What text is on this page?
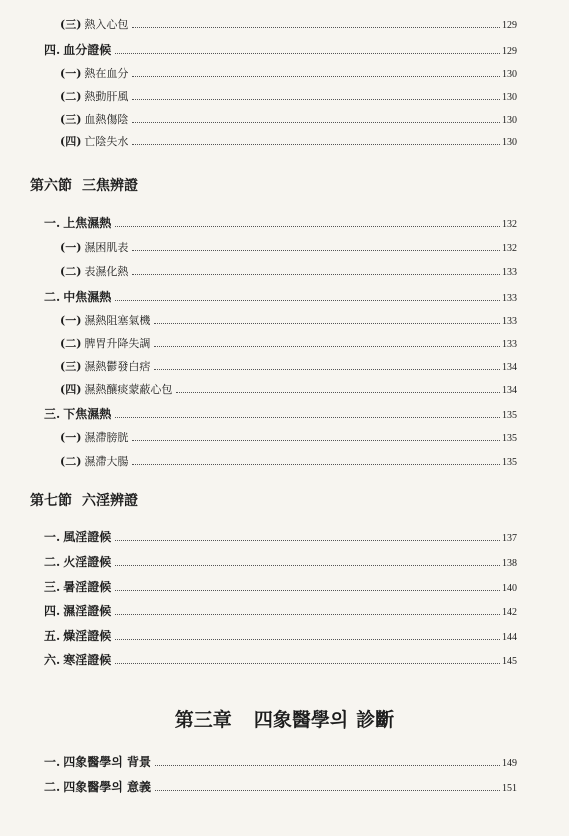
(三) 熱入心包	129
四. 血分證候	129
(一) 熱在血分	130
(二) 熱動肝風	130
(三) 血熱傷陰	130
(四) 亡陰失水	130
第六節 三焦辨證
一. 上焦濕熱	132
(一) 濕困肌表	132
(二) 表濕化熱	133
二. 中焦濕熱	133
(一) 濕熱阻塞氣機	133
(二) 脾胃升降失調	133
(三) 濕熱鬱發白痞	134
(四) 濕熱釀痰蒙蔽心包	134
三. 下焦濕熱	135
(一) 濕滯膀胱	135
(二) 濕滯大腸	135
第七節 六淫辨證
一. 風淫證候	137
二. 火淫證候	138
三. 暑淫證候	140
四. 濕淫證候	142
五. 燥淫證候	144
六. 寒淫證候	145
第三章 四象醫學의 診斷
一. 四象醫學의 背景	149
二. 四象醫學의 意義	151
